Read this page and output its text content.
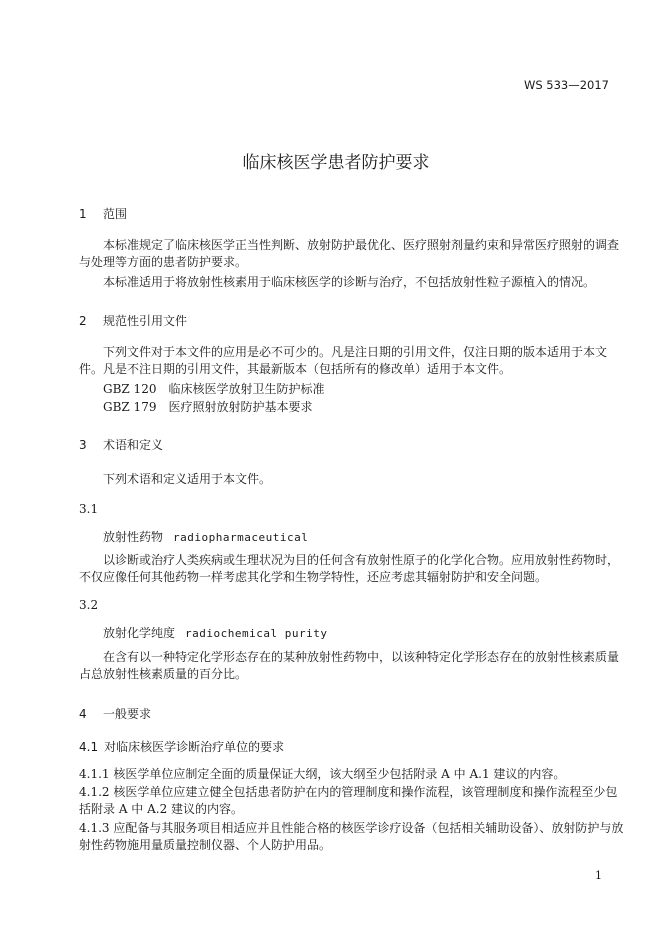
WS 533—2017
临床核医学患者防护要求
1 范围
本标准规定了临床核医学正当性判断、放射防护最优化、医疗照射剂量约束和异常医疗照射的调查与处理等方面的患者防护要求。
本标准适用于将放射性核素用于临床核医学的诊断与治疗，不包括放射性粒子源植入的情况。
2 规范性引用文件
下列文件对于本文件的应用是必不可少的。凡是注日期的引用文件，仅注日期的版本适用于本文件。凡是不注日期的引用文件，其最新版本（包括所有的修改单）适用于本文件。
GBZ 120　临床核医学放射卫生防护标准
GBZ 179　医疗照射放射防护基本要求
3 术语和定义
下列术语和定义适用于本文件。
3.1
放射性药物 radiopharmaceutical
以诊断或治疗人类疾病或生理状况为目的任何含有放射性原子的化学化合物。应用放射性药物时，不仅应像任何其他药物一样考虑其化学和生物学特性，还应考虑其辐射防护和安全问题。
3.2
放射化学纯度 radiochemical purity
在含有以一种特定化学形态存在的某种放射性药物中，以该种特定化学形态存在的放射性核素质量占总放射性核素质量的百分比。
4 一般要求
4.1 对临床核医学诊断治疗单位的要求
4.1.1 核医学单位应制定全面的质量保证大纲，该大纲至少包括附录 A 中 A.1 建议的内容。
4.1.2 核医学单位应建立健全包括患者防护在内的管理制度和操作流程，该管理制度和操作流程至少包括附录 A 中 A.2 建议的内容。
4.1.3 应配备与其服务项目相适应并且性能合格的核医学诊疗设备（包括相关辅助设备）、放射防护与放射性药物施用量质量控制仪器、个人防护用品。
1
